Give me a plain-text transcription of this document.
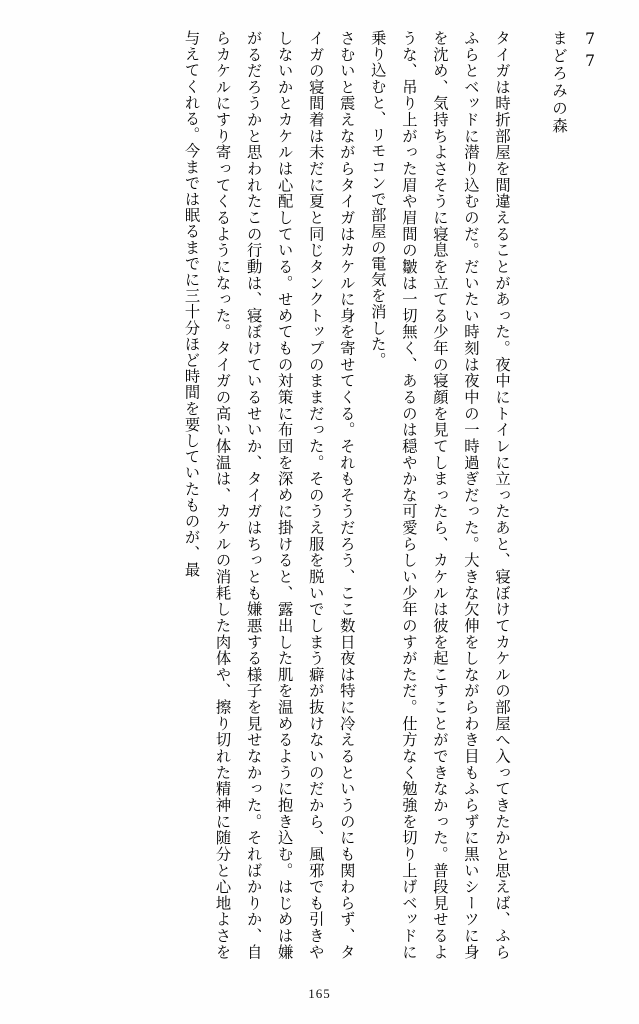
77
まどろみの森
タイガは時折部屋を間違えることがあった。夜中にトイレに立ったあと、寝ぼけてカケルの部屋へ入ってきたかと思えば、ふらふらとベッドに潜り込むのだ。だいたい時刻は夜中の一時過ぎだった。大きな欠伸をしながらわき目もふらずに黒いシーツに身を沈め、気持ちよさそうに寝息を立てる少年の寝顔を見てしまったら、カケルは彼を起こすことができなかった。普段見せるような、吊り上がった眉や眉間の皺は一切無く、あるのは穏やかな可愛らしい少年のすがただ。仕方なく勉強を切り上げベッドに乗り込むと、リモコンで部屋の電気を消した。
さむいと震えながらタイガはカケルに身を寄せてくる。それもそうだろう、ここ数日夜は特に冷えるというのにも関わらず、タイガの寝間着は未だに夏と同じタンクトップのままだった。そのうえ服を脱いでしまう癖が抜けないのだから、風邪でも引きやしないかとカケルは心配している。せめてもの対策に布団を深めに掛けると、露出した肌を温めるように抱き込む。はじめは嫌がるだろうかと思われたこの行動は、寝ぼけているせいか、タイガはちっとも嫌悪する様子を見せなかった。そればかりか、自らカケルにすり寄ってくるようになった。タイガの高い体温は、カケルの消耗した肉体や、擦り切れた精神に随分と心地よさを与えてくれる。今までは眠るまでに三十分ほど時間を要していたものが、最
165
